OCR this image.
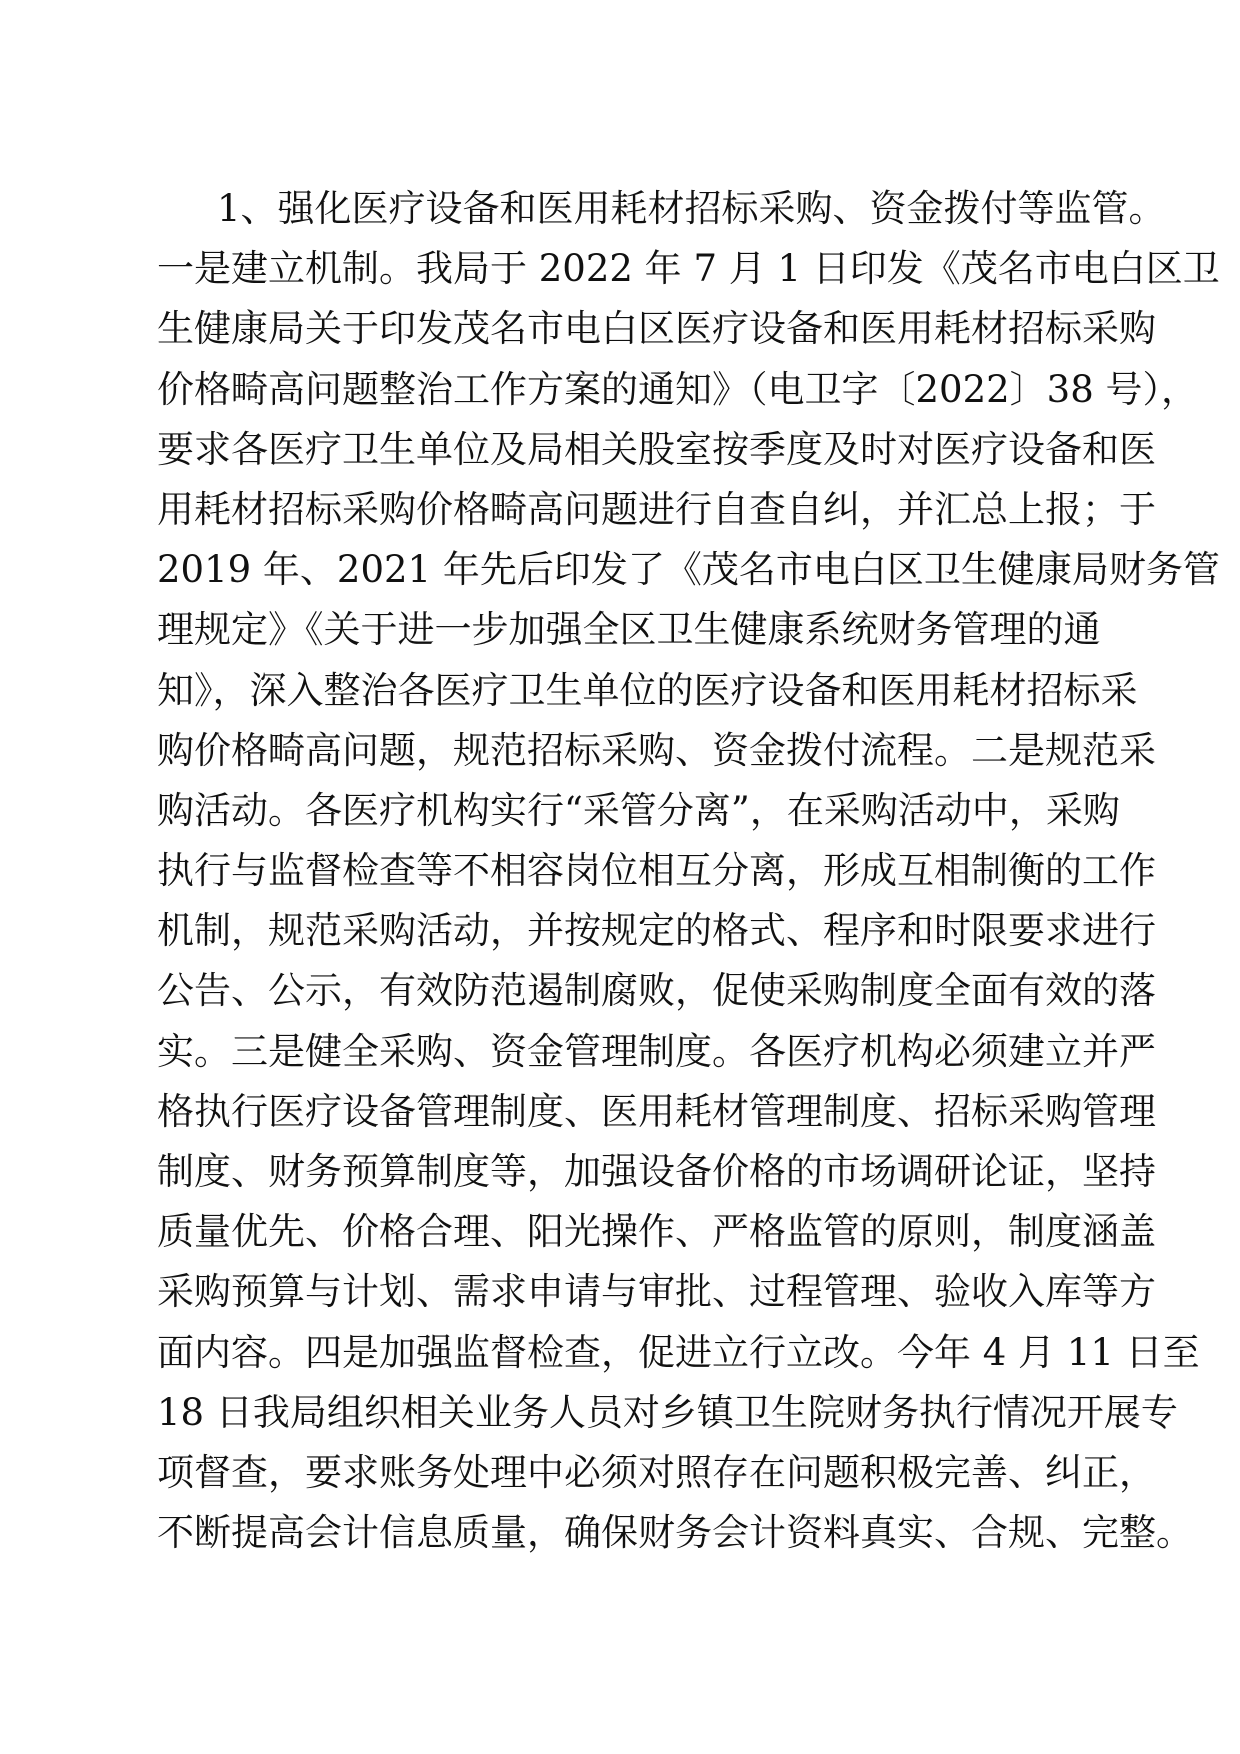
1、强化医疗设备和医用耗材招标采购、资金拨付等监管。
一是建立机制。我局于 2022 年 7 月 1 日印发《茂名市电白区卫
生健康局关于印发茂名市电白区医疗设备和医用耗材招标采购
价格畸高问题整治工作方案的通知》（电卫字〔2022〕38 号），
要求各医疗卫生单位及局相关股室按季度及时对医疗设备和医
用耗材招标采购价格畸高问题进行自查自纠，并汇总上报；于
2019 年、2021 年先后印发了《茂名市电白区卫生健康局财务管
理规定》《关于进一步加强全区卫生健康系统财务管理的通
知》，深入整治各医疗卫生单位的医疗设备和医用耗材招标采
购价格畸高问题，规范招标采购、资金拨付流程。二是规范采
购活动。各医疗机构实行“采管分离”，在采购活动中，采购
执行与监督检查等不相容岗位相互分离，形成互相制衡的工作
机制，规范采购活动，并按规定的格式、程序和时限要求进行
公告、公示，有效防范遏制腐败，促使采购制度全面有效的落
实。三是健全采购、资金管理制度。各医疗机构必须建立并严
格执行医疗设备管理制度、医用耗材管理制度、招标采购管理
制度、财务预算制度等，加强设备价格的市场调研论证，坚持
质量优先、价格合理、阳光操作、严格监管的原则，制度涵盖
采购预算与计划、需求申请与审批、过程管理、验收入库等方
面内容。四是加强监督检查，促进立行立改。今年 4 月 11 日至
18 日我局组织相关业务人员对乡镇卫生院财务执行情况开展专
项督查，要求账务处理中必须对照存在问题积极完善、纠正，
不断提高会计信息质量，确保财务会计资料真实、合规、完整。
